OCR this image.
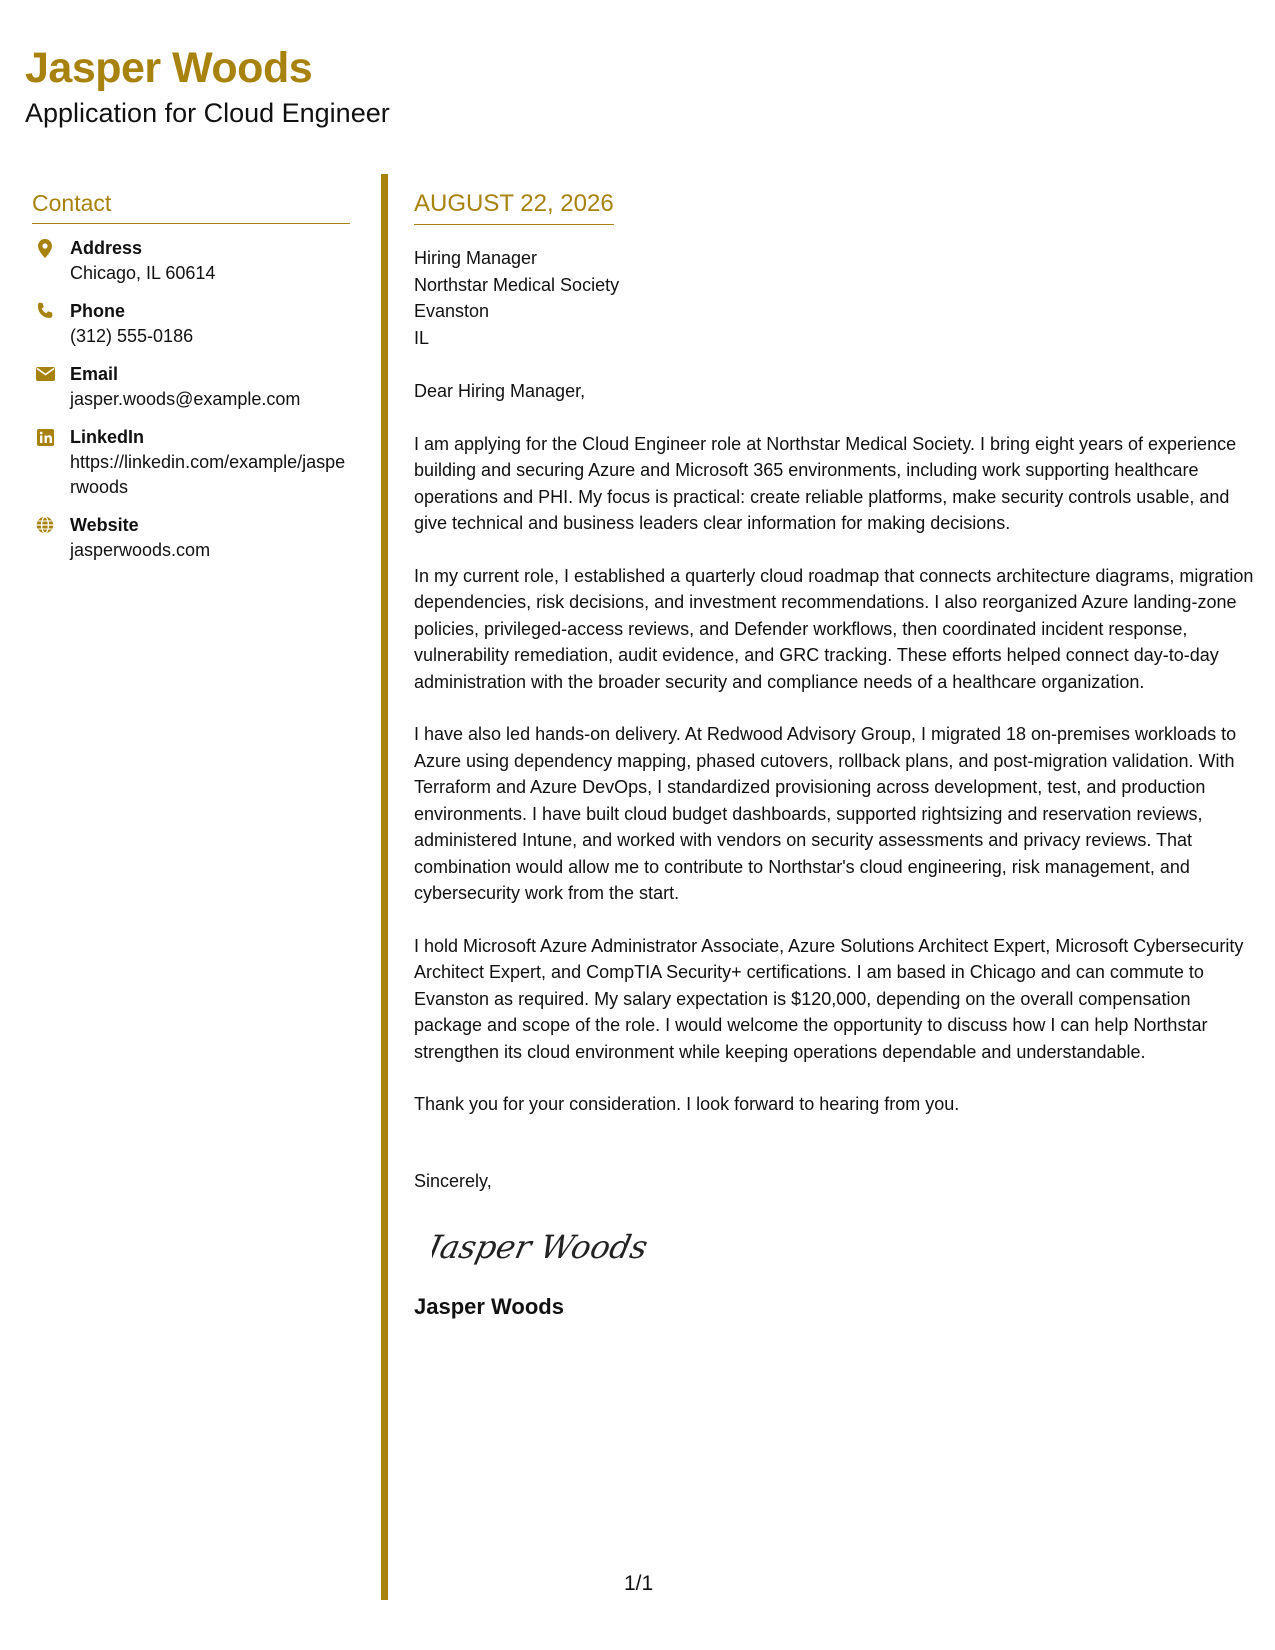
Jasper Woods
Application for Cloud Engineer
Contact
Address
Chicago, IL 60614
Phone
(312) 555-0186
Email
jasper.woods@example.com
LinkedIn
https://linkedin.com/example/jasperwoods
Website
jasperwoods.com
AUGUST 22, 2026
Hiring Manager
Northstar Medical Society
Evanston
IL
Dear Hiring Manager,
I am applying for the Cloud Engineer role at Northstar Medical Society. I bring eight years of experience building and securing Azure and Microsoft 365 environments, including work supporting healthcare operations and PHI. My focus is practical: create reliable platforms, make security controls usable, and give technical and business leaders clear information for making decisions.
In my current role, I established a quarterly cloud roadmap that connects architecture diagrams, migration dependencies, risk decisions, and investment recommendations. I also reorganized Azure landing-zone policies, privileged-access reviews, and Defender workflows, then coordinated incident response, vulnerability remediation, audit evidence, and GRC tracking. These efforts helped connect day-to-day administration with the broader security and compliance needs of a healthcare organization.
I have also led hands-on delivery. At Redwood Advisory Group, I migrated 18 on-premises workloads to Azure using dependency mapping, phased cutovers, rollback plans, and post-migration validation. With Terraform and Azure DevOps, I standardized provisioning across development, test, and production environments. I have built cloud budget dashboards, supported rightsizing and reservation reviews, administered Intune, and worked with vendors on security assessments and privacy reviews. That combination would allow me to contribute to Northstar's cloud engineering, risk management, and cybersecurity work from the start.
I hold Microsoft Azure Administrator Associate, Azure Solutions Architect Expert, Microsoft Cybersecurity Architect Expert, and CompTIA Security+ certifications. I am based in Chicago and can commute to Evanston as required. My salary expectation is $120,000, depending on the overall compensation package and scope of the role. I would welcome the opportunity to discuss how I can help Northstar strengthen its cloud environment while keeping operations dependable and understandable.
Thank you for your consideration. I look forward to hearing from you.
Sincerely,
Jasper Woods
Jasper Woods
1/1
